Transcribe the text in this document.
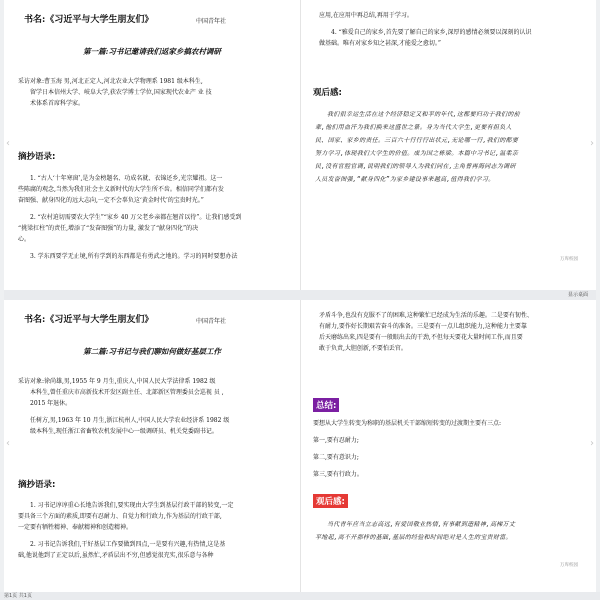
书名:《习近平与大学生朋友们》	中国青年社
第一篇:习书记邀请我们返家乡搞农村调研

采访对象:曹玉海 男,河北正定人,河北农业大学物理系 1981 级本科生,

留学日本信州大学、岐阜大学,获农学博士学位,国家现代农业产 业 技

术体系首席科学家。

摘抄语录:

1. “古人‘十年寒窗’,是为金榜题名、功成名就、衣锦还乡,光宗耀祖。这一

些陈腐的观念,当然为我们社会主义新时代的大学生所不齿。相信同学们都有发

奋图强、献身四化的远大志向,一定不会辜负这‘黄金时代’的宝贵时光。”

2. “农村迫切需要农大学生”“家乡 40 万父老乡亲都在翘首以待”。让我们感受到

“挑梁扛柱”的责任,增添了“发奋图强”的力量, 激发了“献身四化”的决

心。

3. 学东西要学无止境,所有学到的东西都是有勇武之地的。学习的同时要想办法

应用,在应用中再总结,再用于学习。

4. “雅爱自己的家乡,首先要了解自己的家乡,深厚的感情必须要以深刻的认识

做基础。唯有对家乡知之甚深,才能爱之愈切。”

观后感:

我们很幸运生活在这个经济稳定又和平的年代,这都要归功于我们的前

辈,他们用血汗为我们换来这盛世之景。身为当代大学生,更要有担负人

民、国家、家乡的责任。三百六十行行行出状元,无论哪一行,我们的都要

努力学习,体现我们大学生的价值。成为国之栋梁。本篇中习书记,温柔亲

民,没有官腔官调,说明我们的领导人为我们同在,主角曹再海同志为调研

人员发奋图强,“献身四化”为家乡建设事来越高,值得我们学习。

万库校园
显示桌面
书名:《习近平与大学生朋友们》	中国青年社
第二篇:习书记与我们聊如何做好基层工作

采访对象:徐尚雄,男,1955 年 9 月生,重庆人,中国人民大学法律系 1982 级

本科生,曾任重庆市高新技术开发区副主任、北部新区管理委员会巡视 员 ,

2015 年退休。

任树方,男,1963 年 10 月生,浙江杭州人,中国人民大学农业经济系 1982 级

级本科生,现任浙江省畜牧农机发展中心一级调研员、机关党委副书记。

摘抄语录:

1. 习书记谆谆重心长地告诉我们,要实现由大学生到基层行政干部的转变,一定

要具备三个方面的素质,即要有忍耐力、自觉力和行政力,作为基层的行政干部,

一定要有牺牲精神、奉献精神和创造精神。

2. 习书记告诉我们,干好基层工作要做到四点,一是要有兴趣,有热情,这是基

础,他说他到了正定以后,虽然忙,矛盾层出不穷,但感觉很充实,很乐意与各种

矛盾斗争,也没有克服不了的困难,这种繁忙已经成为生活的乐趣。二是要有韧性、

有耐力,要作好长期艰苦奋斗的准备。三是要有一点儿组织能力,这种能力主要靠

后天磨练出来,四是要有一般眼出去的干劲,不但每天要花大量时间工作,而且要

敢于负责,大胆创新,不要怕丢官。

总结:

要想从大学生转变为称职的基层机关干部缩短转变的过渡期主要有三点:

第一,要有忍耐力;

第二,要有意识力;

第三,要有行政力。

观后感:

当代青年应当立志高远,有爱国敬业热情,有事献到造精神,高梯万丈

平地起,离不开那样的基础,基层的经验和时间绝对是人生的宝贵财富。

万库校园
‹	›
‹	›
第1页 共1页
